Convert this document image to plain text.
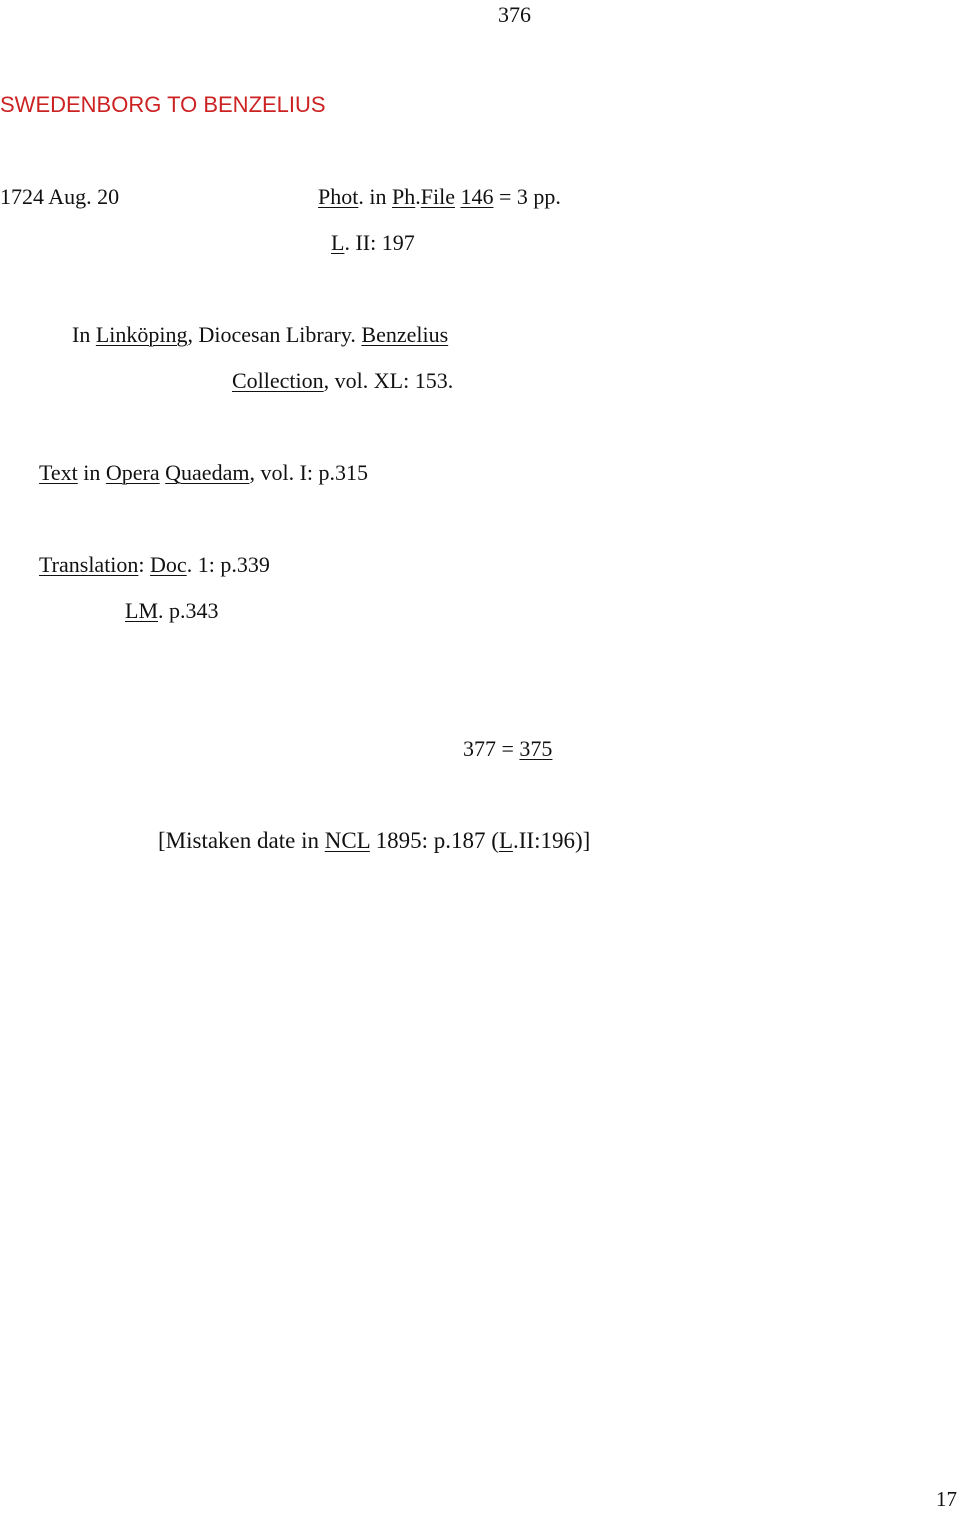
376
SWEDENBORG TO BENZELIUS
1724 Aug. 20	Phot. in Ph.File 146 = 3 pp.
L. II: 197
In Linköping, Diocesan Library. Benzelius
Collection, vol. XL: 153.
Text in Opera Quaedam, vol. I: p.315
Translation: Doc. 1: p.339
LM. p.343
377 = 375
[Mistaken date in NCL 1895: p.187 (L.II:196)]
17
